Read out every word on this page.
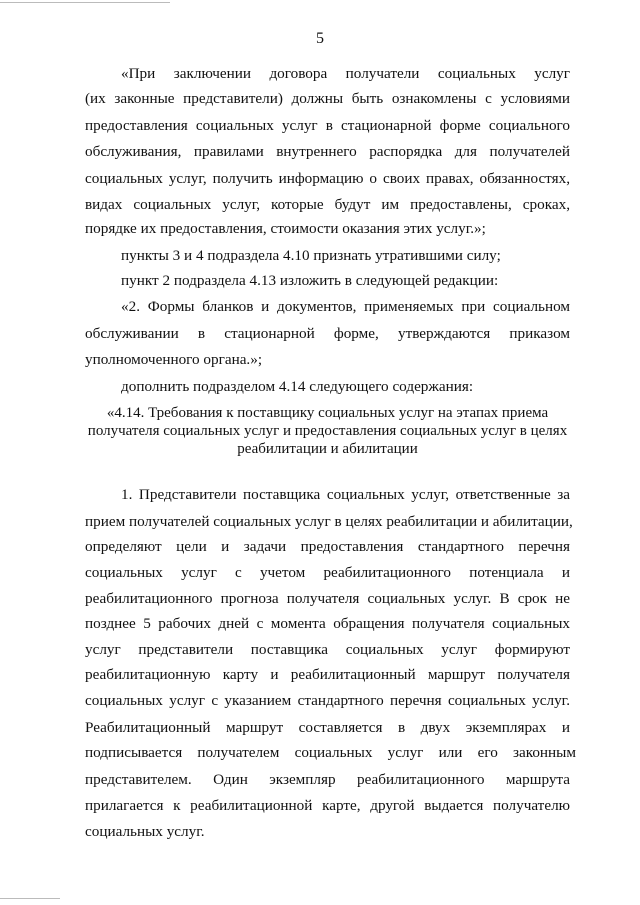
5
«При    заключении    договора    получатели    социальных    услуг
(их законные представители) должны быть ознакомлены с условиями
предоставления социальных услуг в стационарной форме социального
обслуживания, правилами внутреннего распорядка для получателей
социальных услуг, получить информацию о своих правах, обязанностях,
видах социальных услуг, которые будут им предоставлены, сроках,
порядке их предоставления, стоимости оказания этих услуг.»;
пункты 3 и 4 подраздела 4.10 признать утратившими силу;
пункт 2 подраздела 4.13 изложить в следующей редакции:
«2. Формы бланков и документов, применяемых при социальном
обслуживании    в    стационарной    форме,    утверждаются    приказом
уполномоченного органа.»;
дополнить подразделом 4.14 следующего содержания:
«4.14. Требования к поставщику социальных услуг на этапах приема
получателя социальных услуг и предоставления социальных услуг в целях
реабилитации и абилитации
1. Представители поставщика социальных услуг, ответственные за
прием получателей социальных услуг в целях реабилитации и абилитации,
определяют   цели   и   задачи   предоставления   стандартного   перечня
социальных    услуг    с    учетом    реабилитационного    потенциала    и
реабилитационного прогноза получателя социальных услуг. В срок не
позднее 5 рабочих дней с момента обращения получателя социальных
услуг    представители    поставщика    социальных    услуг    формируют
реабилитационную карту и реабилитационный маршрут получателя
социальных услуг с указанием стандартного перечня социальных услуг.
Реабилитационный    маршрут    составляется    в    двух    экземплярах    и
подписывается    получателем    социальных    услуг    или    его    законным
представителем.    Один    экземпляр    реабилитационного    маршрута
прилагается к реабилитационной карте, другой выдается получателю
социальных услуг.
